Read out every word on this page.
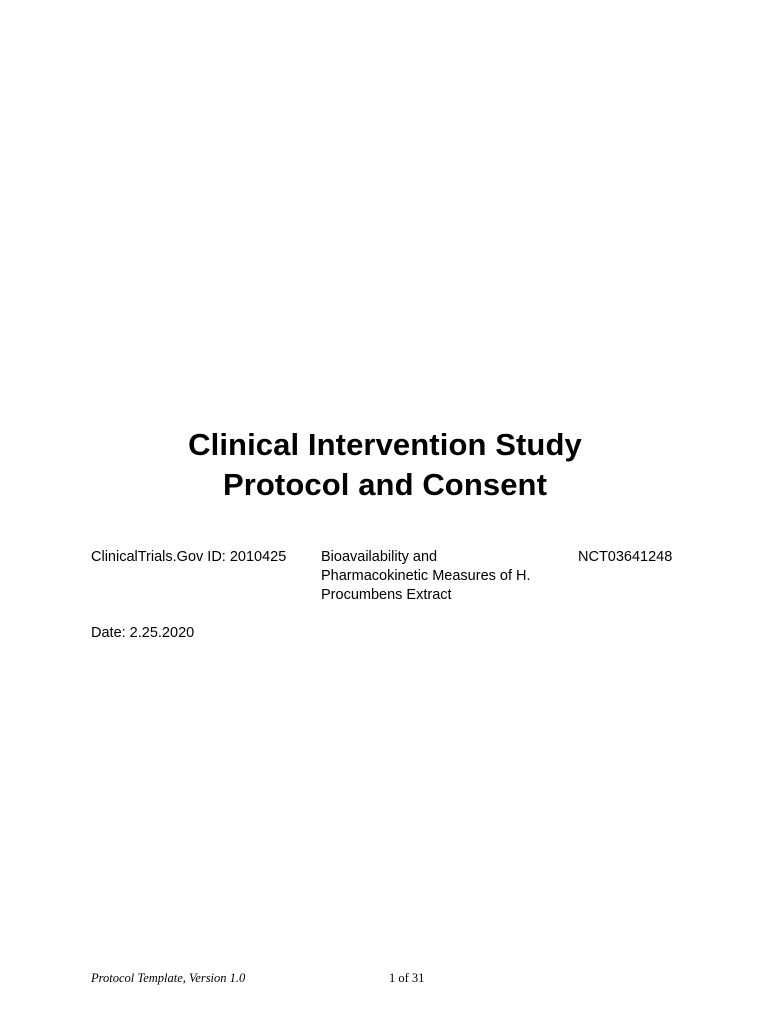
Clinical Intervention Study
Protocol and Consent
ClinicalTrials.Gov ID: 2010425	Bioavailability and
Pharmacokinetic Measures of H.
Procumbens Extract
NCT03641248
Date: 2.25.2020
Protocol Template, Version 1.0	1 of 31
